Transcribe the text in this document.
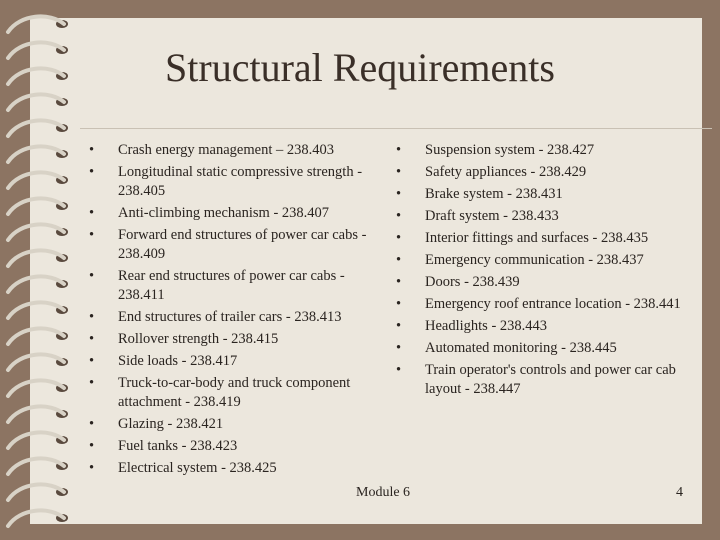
Structural Requirements
• Crash energy management – 238.403
• Longitudinal static compressive strength - 238.405
• Anti-climbing mechanism - 238.407
• Forward end structures of power car cabs - 238.409
• Rear end structures of power car cabs - 238.411
• End structures of trailer cars - 238.413
• Rollover strength - 238.415
• Side loads - 238.417
• Truck-to-car-body and truck component attachment - 238.419
• Glazing - 238.421
• Fuel tanks - 238.423
• Electrical system - 238.425
• Suspension system - 238.427
• Safety appliances - 238.429
• Brake system - 238.431
• Draft system - 238.433
• Interior fittings and surfaces - 238.435
• Emergency communication - 238.437
• Doors - 238.439
• Emergency roof entrance location - 238.441
• Headlights - 238.443
• Automated monitoring - 238.445
• Train operator's controls and power car cab layout - 238.447
Module 6	4
